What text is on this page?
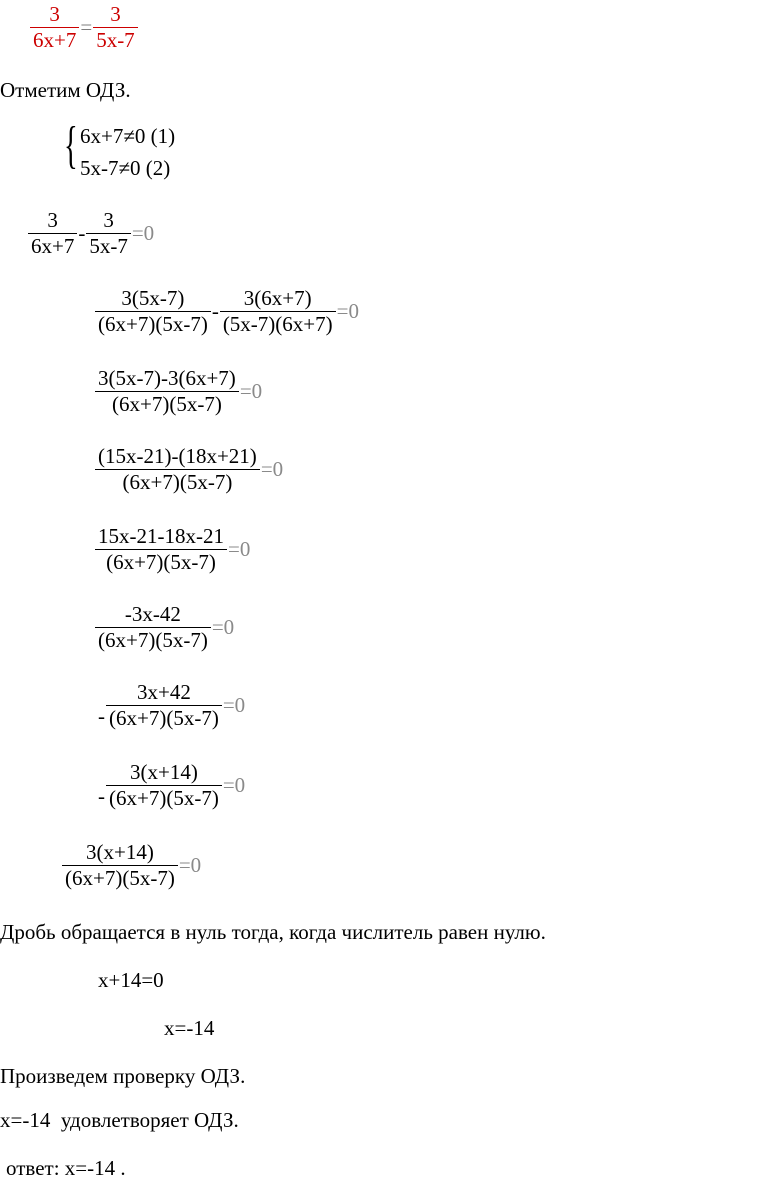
$\frac{3}{6x+7} = \frac{3}{5x-7}$
Отметим ОДЗ.
{ 6x+7≠0 (1)
5x-7≠0 (2)
$\frac{3}{6x+7} - \frac{3}{5x-7} =0$
$\frac{3(5x-7)}{(6x+7)(5x-7)} - \frac{3(6x+7)}{(5x-7)(6x+7)} =0$
$\frac{3(5x-7)-3(6x+7)}{(6x+7)(5x-7)} =0$
$\frac{(15x-21)-(18x+21)}{(6x+7)(5x-7)} =0$
$\frac{15x-21-18x-21}{(6x+7)(5x-7)} =0$
$\frac{-3x-42}{(6x+7)(5x-7)} =0$
- $\frac{3x+42}{(6x+7)(5x-7)} =0$
- $\frac{3(x+14)}{(6x+7)(5x-7)} =0$
$\frac{3(x+14)}{(6x+7)(5x-7)} =0$
Дробь обращается в нуль тогда, когда числитель равен нулю.
x+14=0
x=-14
Произведем проверку ОДЗ.
x=-14 удовлетворяет ОДЗ.
ответ: x=-14 .
